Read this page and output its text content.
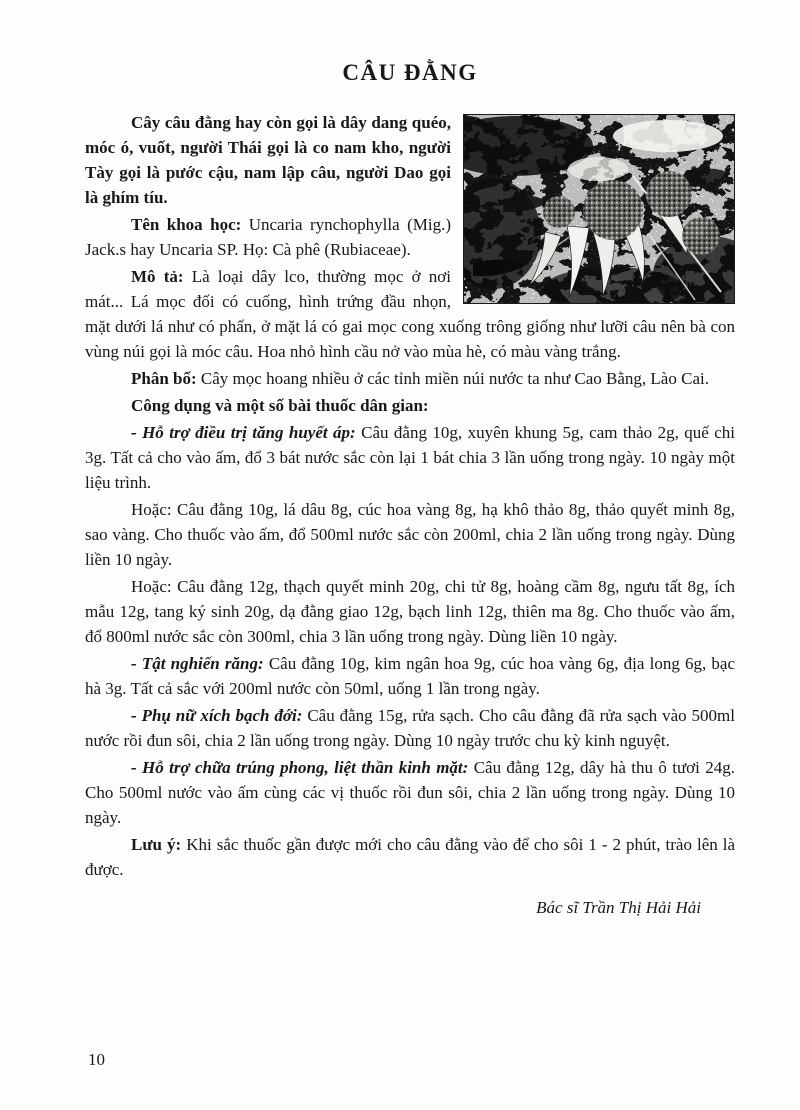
CÂU ĐẰNG

Cây câu đằng hay còn gọi là dây dang quéo, móc ó, vuốt, người Thái gọi là co nam kho, người Tày gọi là pước cậu, nam lập câu, người Dao gọi là ghím tíu.

Tên khoa học: Uncaria rynchophylla (Mig.) Jack.s hay Uncaria SP. Họ: Cà phê (Rubiaceae).

Mô tả: Là loại dây lco, thường mọc ở nơi mát... Lá mọc đối có cuống, hình trứng đầu nhọn, mặt dưới lá như có phấn, ở mặt lá có gai mọc cong xuống trông giống như lưỡi câu nên bà con vùng núi gọi là móc câu. Hoa nhỏ hình cầu nở vào mùa hè, có màu vàng trắng.

Phân bố: Cây mọc hoang nhiều ở các tỉnh miền núi nước ta như Cao Bằng, Lào Cai.

Công dụng và một số bài thuốc dân gian:

- Hỗ trợ điều trị tăng huyết áp: Câu đằng 10g, xuyên khung 5g, cam thảo 2g, quế chi 3g. Tất cả cho vào ấm, đổ 3 bát nước sắc còn lại 1 bát chia 3 lần uống trong ngày. 10 ngày một liệu trình.

Hoặc: Câu đằng 10g, lá dâu 8g, cúc hoa vàng 8g, hạ khô thảo 8g, thảo quyết minh 8g, sao vàng. Cho thuốc vào ấm, đổ 500ml nước sắc còn 200ml, chia 2 lần uống trong ngày. Dùng liền 10 ngày.

Hoặc: Câu đằng 12g, thạch quyết minh 20g, chi tử 8g, hoàng cầm 8g, ngưu tất 8g, ích mẫu 12g, tang ký sinh 20g, dạ đằng giao 12g, bạch linh 12g, thiên ma 8g. Cho thuốc vào ấm, đổ 800ml nước sắc còn 300ml, chia 3 lần uống trong ngày. Dùng liền 10 ngày.

- Tật nghiến răng: Câu đằng 10g, kim ngân hoa 9g, cúc hoa vàng 6g, địa long 6g, bạc hà 3g. Tất cả sắc với 200ml nước còn 50ml, uống 1 lần trong ngày.

- Phụ nữ xích bạch đới: Câu đằng 15g, rửa sạch. Cho câu đằng đã rửa sạch vào 500ml nước rồi đun sôi, chia 2 lần uống trong ngày. Dùng 10 ngày trước chu kỳ kinh nguyệt.

- Hỗ trợ chữa trúng phong, liệt thần kinh mặt: Câu đằng 12g, dây hà thu ô tươi 24g. Cho 500ml nước vào ấm cùng các vị thuốc rồi đun sôi, chia 2 lần uống trong ngày. Dùng 10 ngày.

Lưu ý: Khi sắc thuốc gần được mới cho câu đằng vào để cho sôi 1 - 2 phút, trào lên là được.

Bác sĩ Trần Thị Hải Hải
10
